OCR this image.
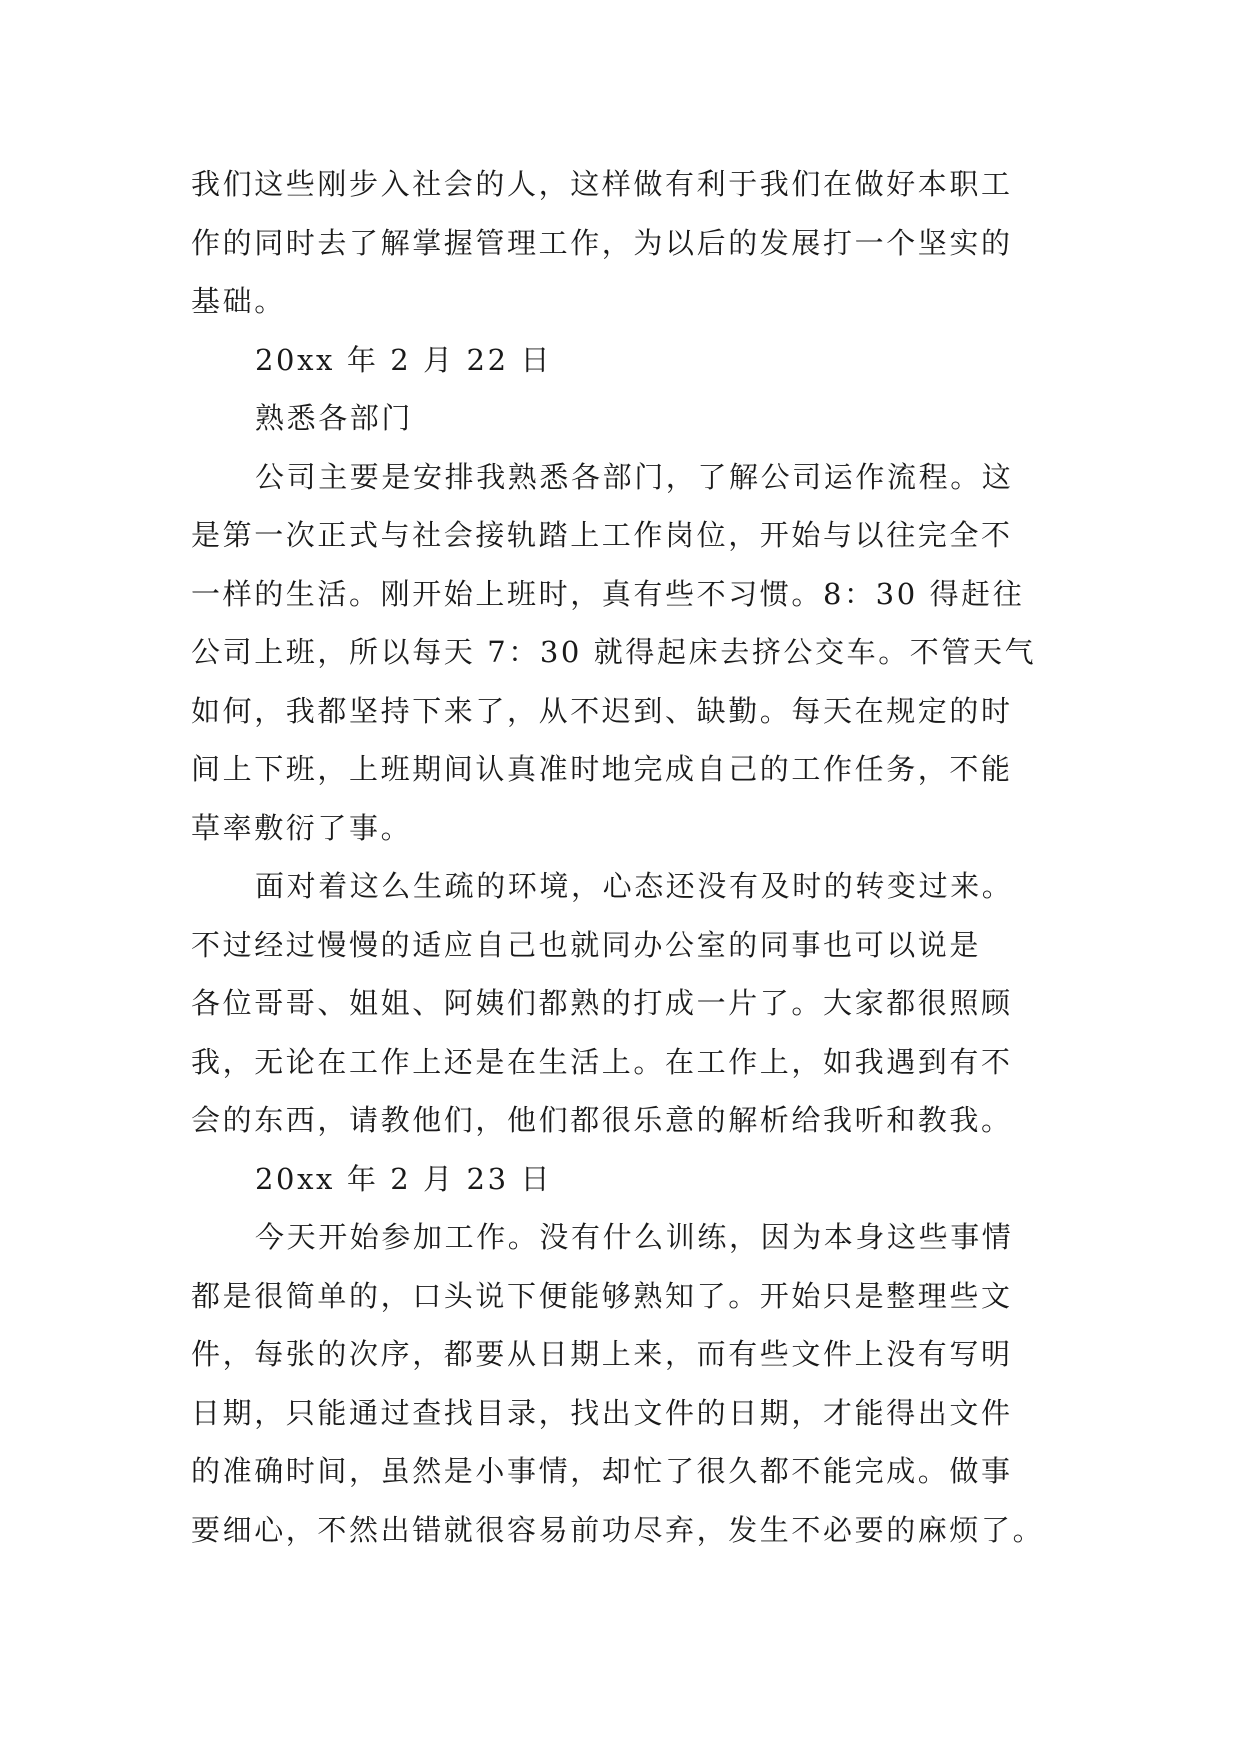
我们这些刚步入社会的人，这样做有利于我们在做好本职工
作的同时去了解掌握管理工作，为以后的发展打一个坚实的
基础。
20xx 年 2 月 22 日
熟悉各部门
公司主要是安排我熟悉各部门，了解公司运作流程。这
是第一次正式与社会接轨踏上工作岗位，开始与以往完全不
一样的生活。刚开始上班时，真有些不习惯。8：30 得赶往
公司上班，所以每天 7：30 就得起床去挤公交车。不管天气
如何，我都坚持下来了，从不迟到、缺勤。每天在规定的时
间上下班，上班期间认真准时地完成自己的工作任务，不能
草率敷衍了事。
面对着这么生疏的环境，心态还没有及时的转变过来。
不过经过慢慢的适应自己也就同办公室的同事也可以说是
各位哥哥、姐姐、阿姨们都熟的打成一片了。大家都很照顾
我，无论在工作上还是在生活上。在工作上，如我遇到有不
会的东西，请教他们，他们都很乐意的解析给我听和教我。
20xx 年 2 月 23 日
今天开始参加工作。没有什么训练，因为本身这些事情
都是很简单的，口头说下便能够熟知了。开始只是整理些文
件，每张的次序，都要从日期上来，而有些文件上没有写明
日期，只能通过查找目录，找出文件的日期，才能得出文件
的准确时间，虽然是小事情，却忙了很久都不能完成。做事
要细心，不然出错就很容易前功尽弃，发生不必要的麻烦了。
